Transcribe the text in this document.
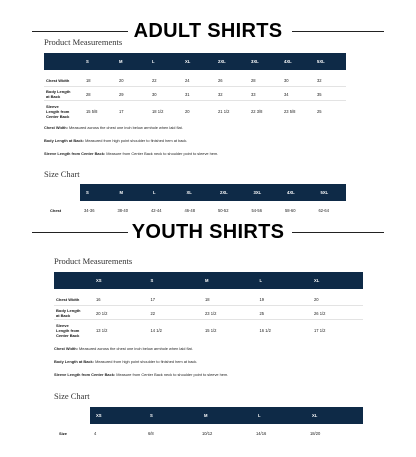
ADULT SHIRTS
Product Measurements
S	M	L	XL	2XL	3XL	4XL	5XL
Chest Width	18	20	22	24	26	28	30	32
Body Length
at Back	28	29	30	31	32	33	34	35
Sleeve
Length from
Center Back
15 5/8	17	18 1/2	20	21 1/2	22 3/8	23 5/8	25
Chest Width: Measured across the chest one inch below armhole when laid flat.
Body Length at Back: Measured from high point shoulder to finished hem at back.
Sleeve Length from Center Back: Measure from Center Back neck to shoulder point to sleeve hem.
Size Chart
S	M	L	XL	2XL	3XL	4XL	5XL
Chest	34-36	38-40	42-44	46-48	50-52	54-56	58-60	62-64
YOUTH SHIRTS
Product Measurements
XS	S	M	L	XL
Chest Width	16	17	18	19	20
Body Length
at Back	20 1/2	22	23 1/2	25	26 1/2
Sleeve
Length from
Center Back
13 1/2	14 1/2	15 1/2	16 1/2	17 1/2
Chest Width: Measured across the chest one inch below armhole when laid flat.
Body Length at Back: Measured from high point shoulder to finished hem at back.
Sleeve Length from Center Back: Measure from Center Back neck to shoulder point to sleeve hem.
Size Chart
XS	S	M	L	XL
Size	4	6/8	10/12	14/16	18/20
